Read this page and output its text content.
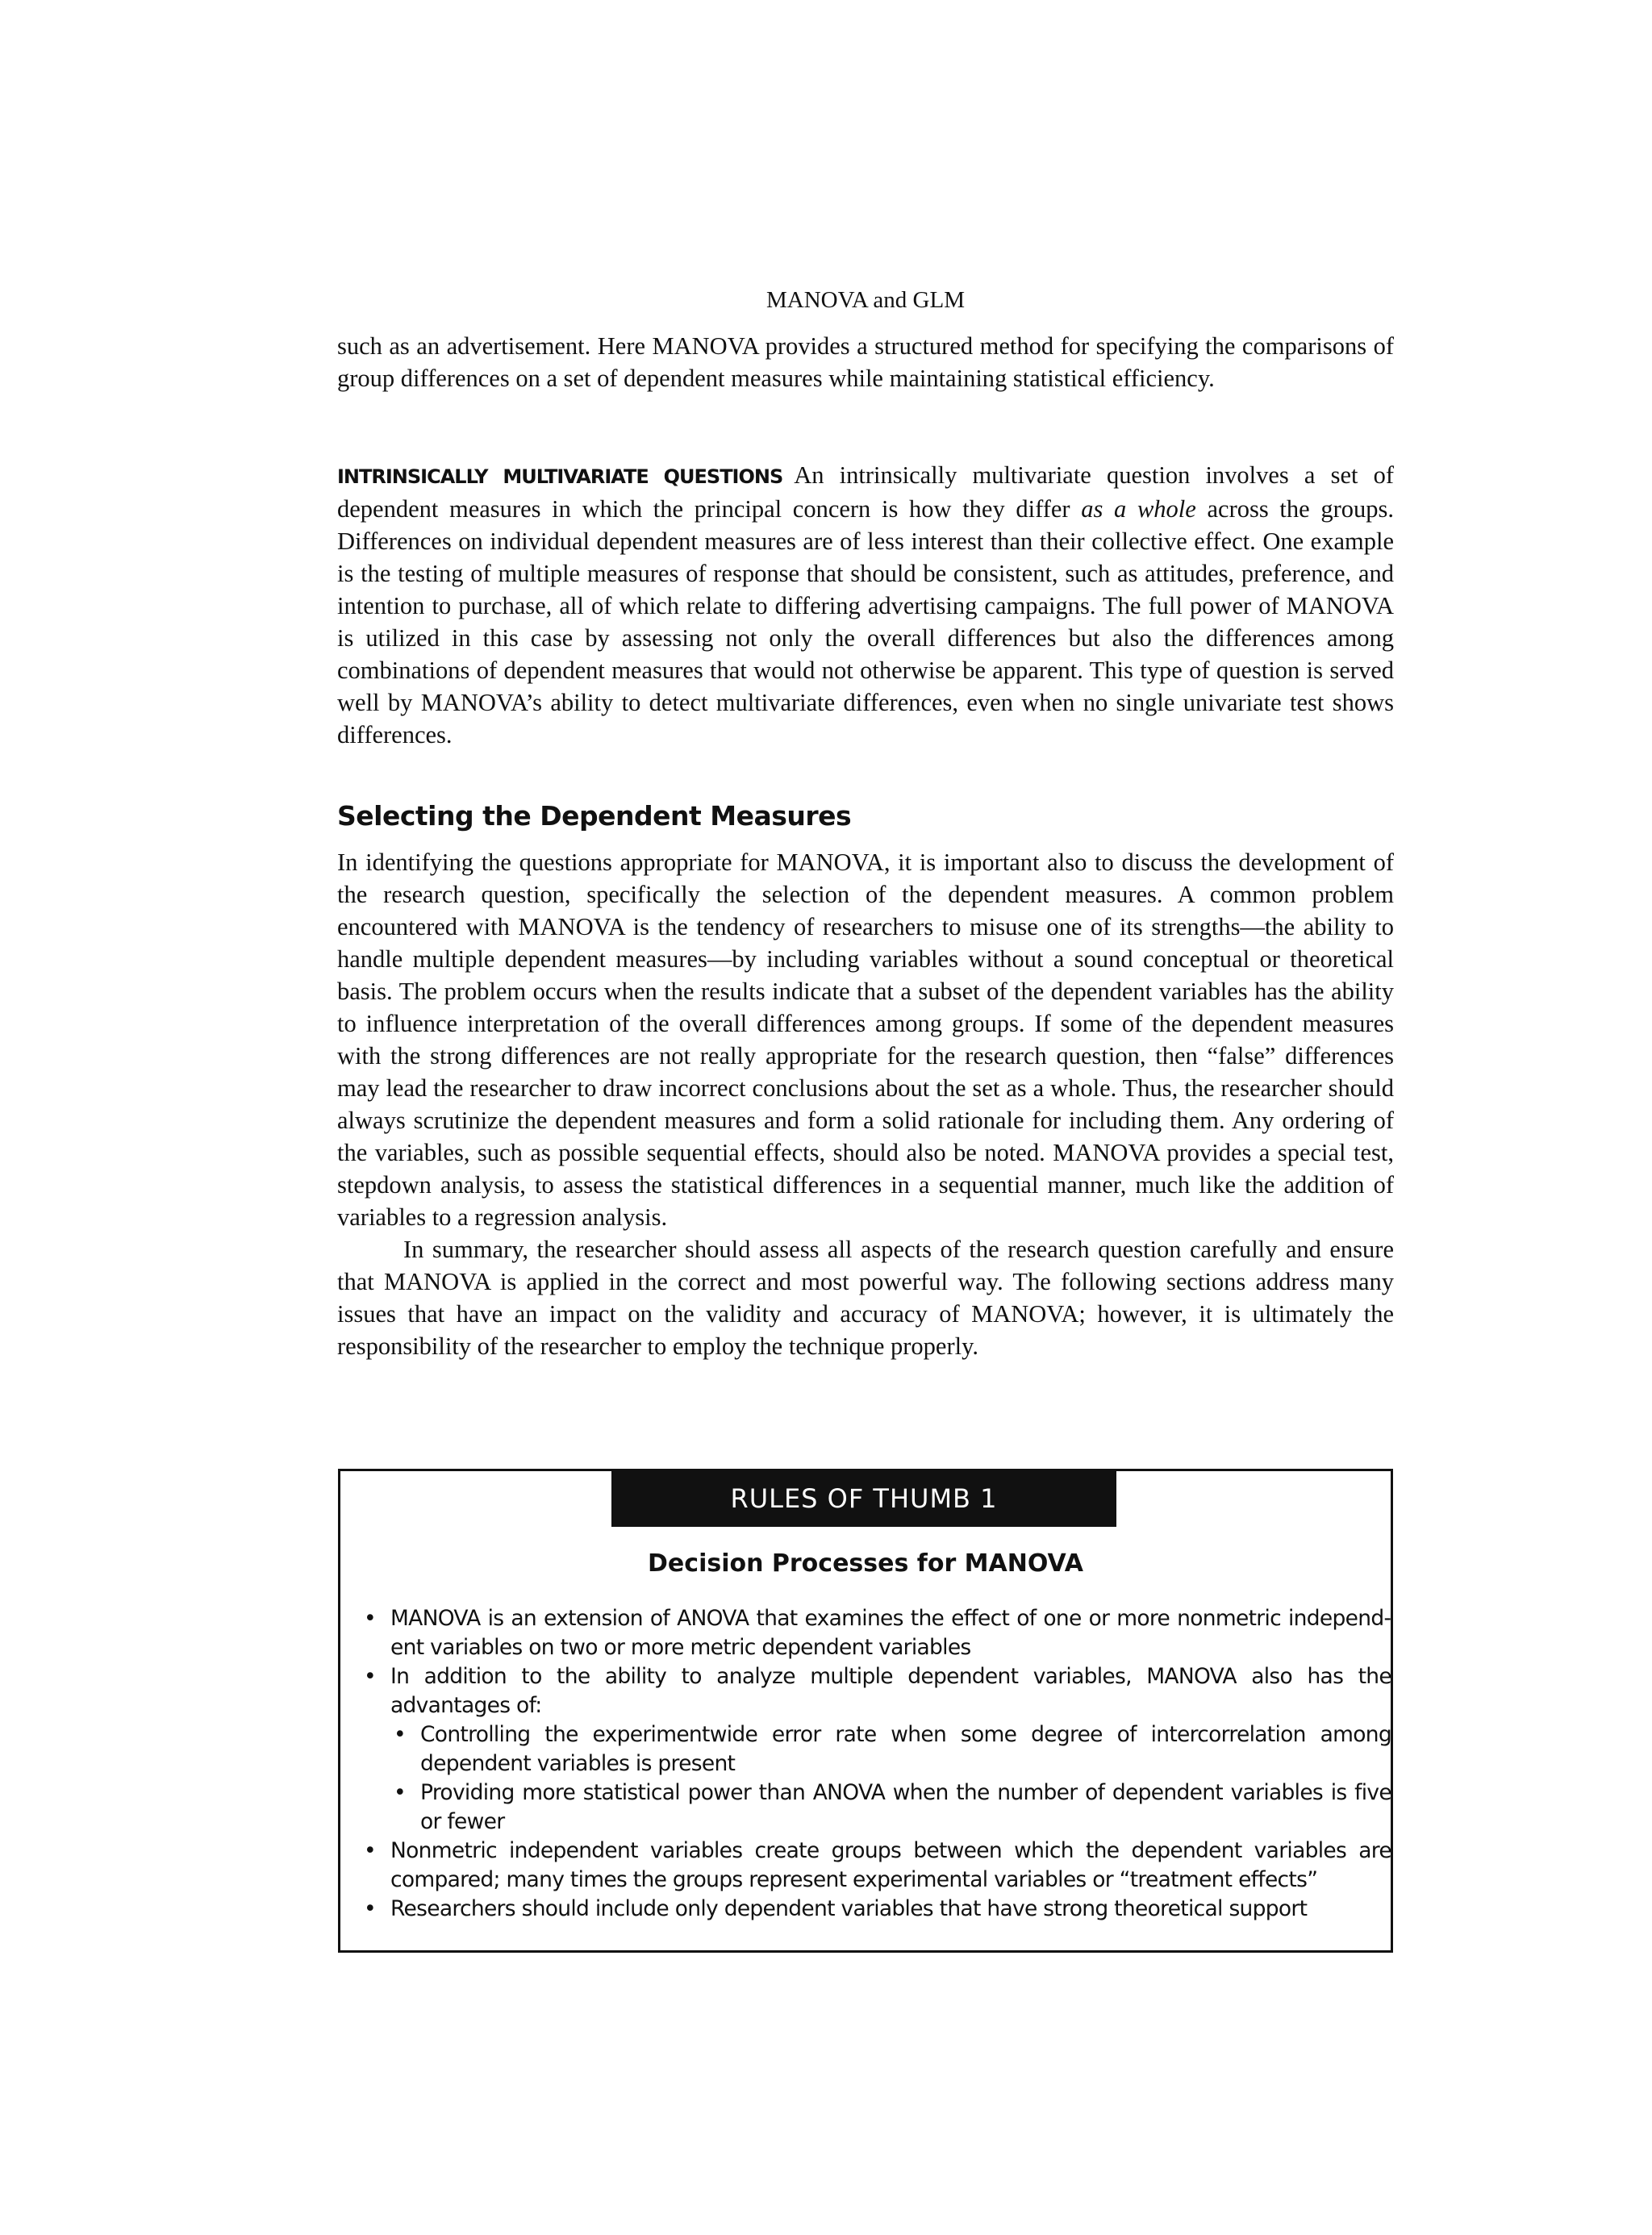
MANOVA and GLM

such as an advertisement. Here MANOVA provides a structured method for specifying the comparisons of group differences on a set of dependent measures while maintaining statistical efficiency.

INTRINSICALLY MULTIVARIATE QUESTIONS An intrinsically multivariate question involves a set of dependent measures in which the principal concern is how they differ as a whole across the groups. Differences on individual dependent measures are of less interest than their collective effect. One example is the testing of multiple measures of response that should be consistent, such as attitudes, preference, and intention to purchase, all of which relate to differing advertising campaigns. The full power of MANOVA is utilized in this case by assessing not only the overall differences but also the differences among combinations of dependent measures that would not otherwise be apparent. This type of question is served well by MANOVA’s ability to detect multivariate differences, even when no single univariate test shows differences.

Selecting the Dependent Measures

In identifying the questions appropriate for MANOVA, it is important also to discuss the development of the research question, specifically the selection of the dependent measures. A common problem encountered with MANOVA is the tendency of researchers to misuse one of its strengths—the ability to handle multiple dependent measures—by including variables without a sound conceptual or theoretical basis. The problem occurs when the results indicate that a subset of the dependent variables has the ability to influence interpretation of the overall differences among groups. If some of the dependent measures with the strong differences are not really appropriate for the research question, then “false” differences may lead the researcher to draw incorrect conclusions about the set as a whole. Thus, the researcher should always scrutinize the dependent measures and form a solid rationale for including them. Any ordering of the variables, such as possible sequential effects, should also be noted. MANOVA provides a special test, stepdown analysis, to assess the statistical differences in a sequential manner, much like the addition of variables to a regression analysis.

In summary, the researcher should assess all aspects of the research question carefully and ensure that MANOVA is applied in the correct and most powerful way. The following sections address many issues that have an impact on the validity and accuracy of MANOVA; however, it is ultimately the responsibility of the researcher to employ the technique properly.

RULES OF THUMB 1
Decision Processes for MANOVA
• MANOVA is an extension of ANOVA that examines the effect of one or more nonmetric independent variables on two or more metric dependent variables
• In addition to the ability to analyze multiple dependent variables, MANOVA also has the advantages of:
• Controlling the experimentwide error rate when some degree of intercorrelation among dependent variables is present
• Providing more statistical power than ANOVA when the number of dependent variables is five or fewer
• Nonmetric independent variables create groups between which the dependent variables are compared; many times the groups represent experimental variables or “treatment effects”
• Researchers should include only dependent variables that have strong theoretical support
